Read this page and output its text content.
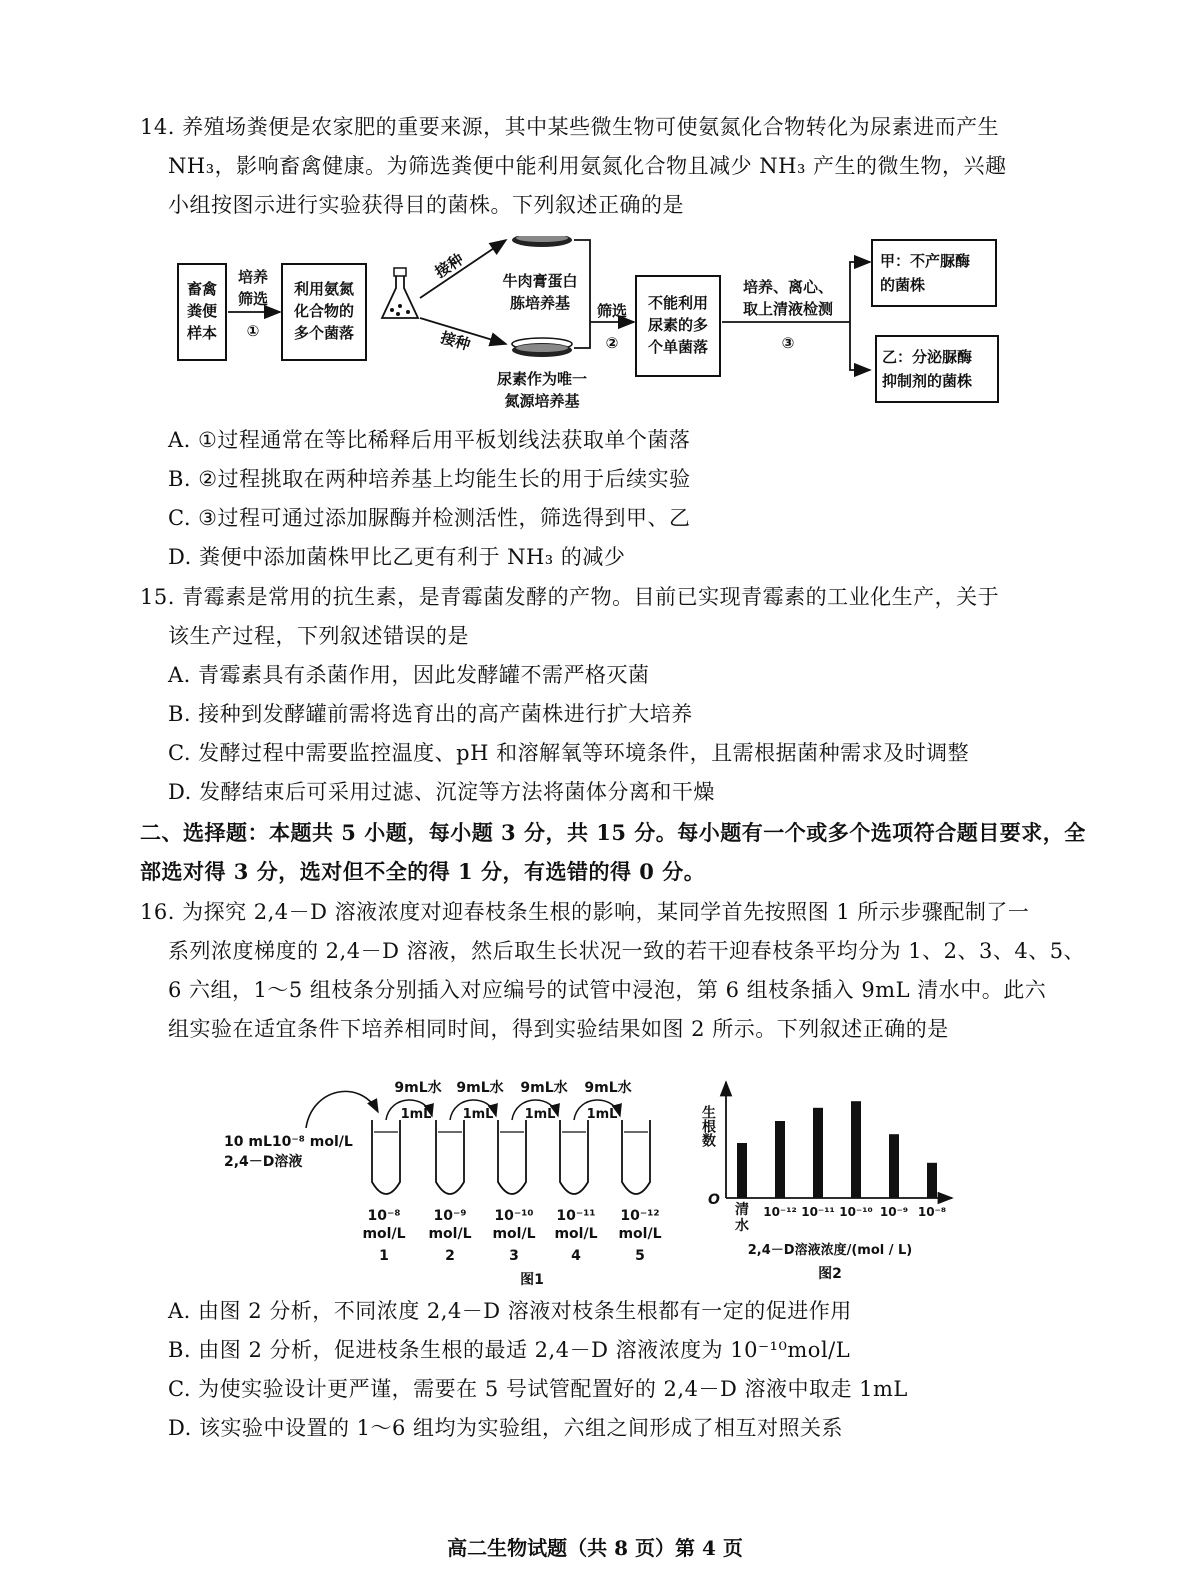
14. 养殖场粪便是农家肥的重要来源，其中某些微生物可使氨氮化合物转化为尿素进而产生
NH₃，影响畜禽健康。为筛选粪便中能利用氨氮化合物且减少 NH₃ 产生的微生物，兴趣
小组按图示进行实验获得目的菌株。下列叙述正确的是
畜禽
粪便
样本
培养
筛选
①
利用氨氮
化合物的
多个菌落
接种
接种
牛肉膏蛋白
胨培养基
尿素作为唯一
氮源培养基
筛选
②
不能利用
尿素的多
个单菌落
培养、离心、
取上清液检测
③
甲：不产脲酶
的菌株
乙：分泌脲酶
抑制剂的菌株
A. ①过程通常在等比稀释后用平板划线法获取单个菌落
B. ②过程挑取在两种培养基上均能生长的用于后续实验
C. ③过程可通过添加脲酶并检测活性，筛选得到甲、乙
D. 粪便中添加菌株甲比乙更有利于 NH₃ 的减少
15. 青霉素是常用的抗生素，是青霉菌发酵的产物。目前已实现青霉素的工业化生产，关于
该生产过程，下列叙述错误的是
A. 青霉素具有杀菌作用，因此发酵罐不需严格灭菌
B. 接种到发酵罐前需将选育出的高产菌株进行扩大培养
C. 发酵过程中需要监控温度、pH 和溶解氧等环境条件，且需根据菌种需求及时调整
D. 发酵结束后可采用过滤、沉淀等方法将菌体分离和干燥
二、选择题：本题共 5 小题，每小题 3 分，共 15 分。每小题有一个或多个选项符合题目要求，全
部选对得 3 分，选对但不全的得 1 分，有选错的得 0 分。
16. 为探究 2,4－D 溶液浓度对迎春枝条生根的影响，某同学首先按照图 1 所示步骤配制了一
系列浓度梯度的 2,4－D 溶液，然后取生长状况一致的若干迎春枝条平均分为 1、2、3、4、5、
6 六组，1～5 组枝条分别插入对应编号的试管中浸泡，第 6 组枝条插入 9mL 清水中。此六
组实验在适宜条件下培养相同时间，得到实验结果如图 2 所示。下列叙述正确的是
10 mL10⁻⁸ mol/L
2,4－D溶液
9mL水 9mL水 9mL水 9mL水
1mL 1mL 1mL 1mL
10⁻⁸ 10⁻⁹ 10⁻¹⁰ 10⁻¹¹ 10⁻¹²
mol/L mol/L mol/L mol/L mol/L
1	2	3	4	5
图1
生根数
O
2,4－D溶液浓度/(mol / L)
图2
清水
10⁻¹² 10⁻¹¹ 10⁻¹⁰ 10⁻⁹ 10⁻⁸
A. 由图 2 分析，不同浓度 2,4－D 溶液对枝条生根都有一定的促进作用
B. 由图 2 分析，促进枝条生根的最适 2,4－D 溶液浓度为 10⁻¹⁰mol/L
C. 为使实验设计更严谨，需要在 5 号试管配置好的 2,4－D 溶液中取走 1mL
D. 该实验中设置的 1～6 组均为实验组，六组之间形成了相互对照关系
高二生物试题（共 8 页）第 4 页
